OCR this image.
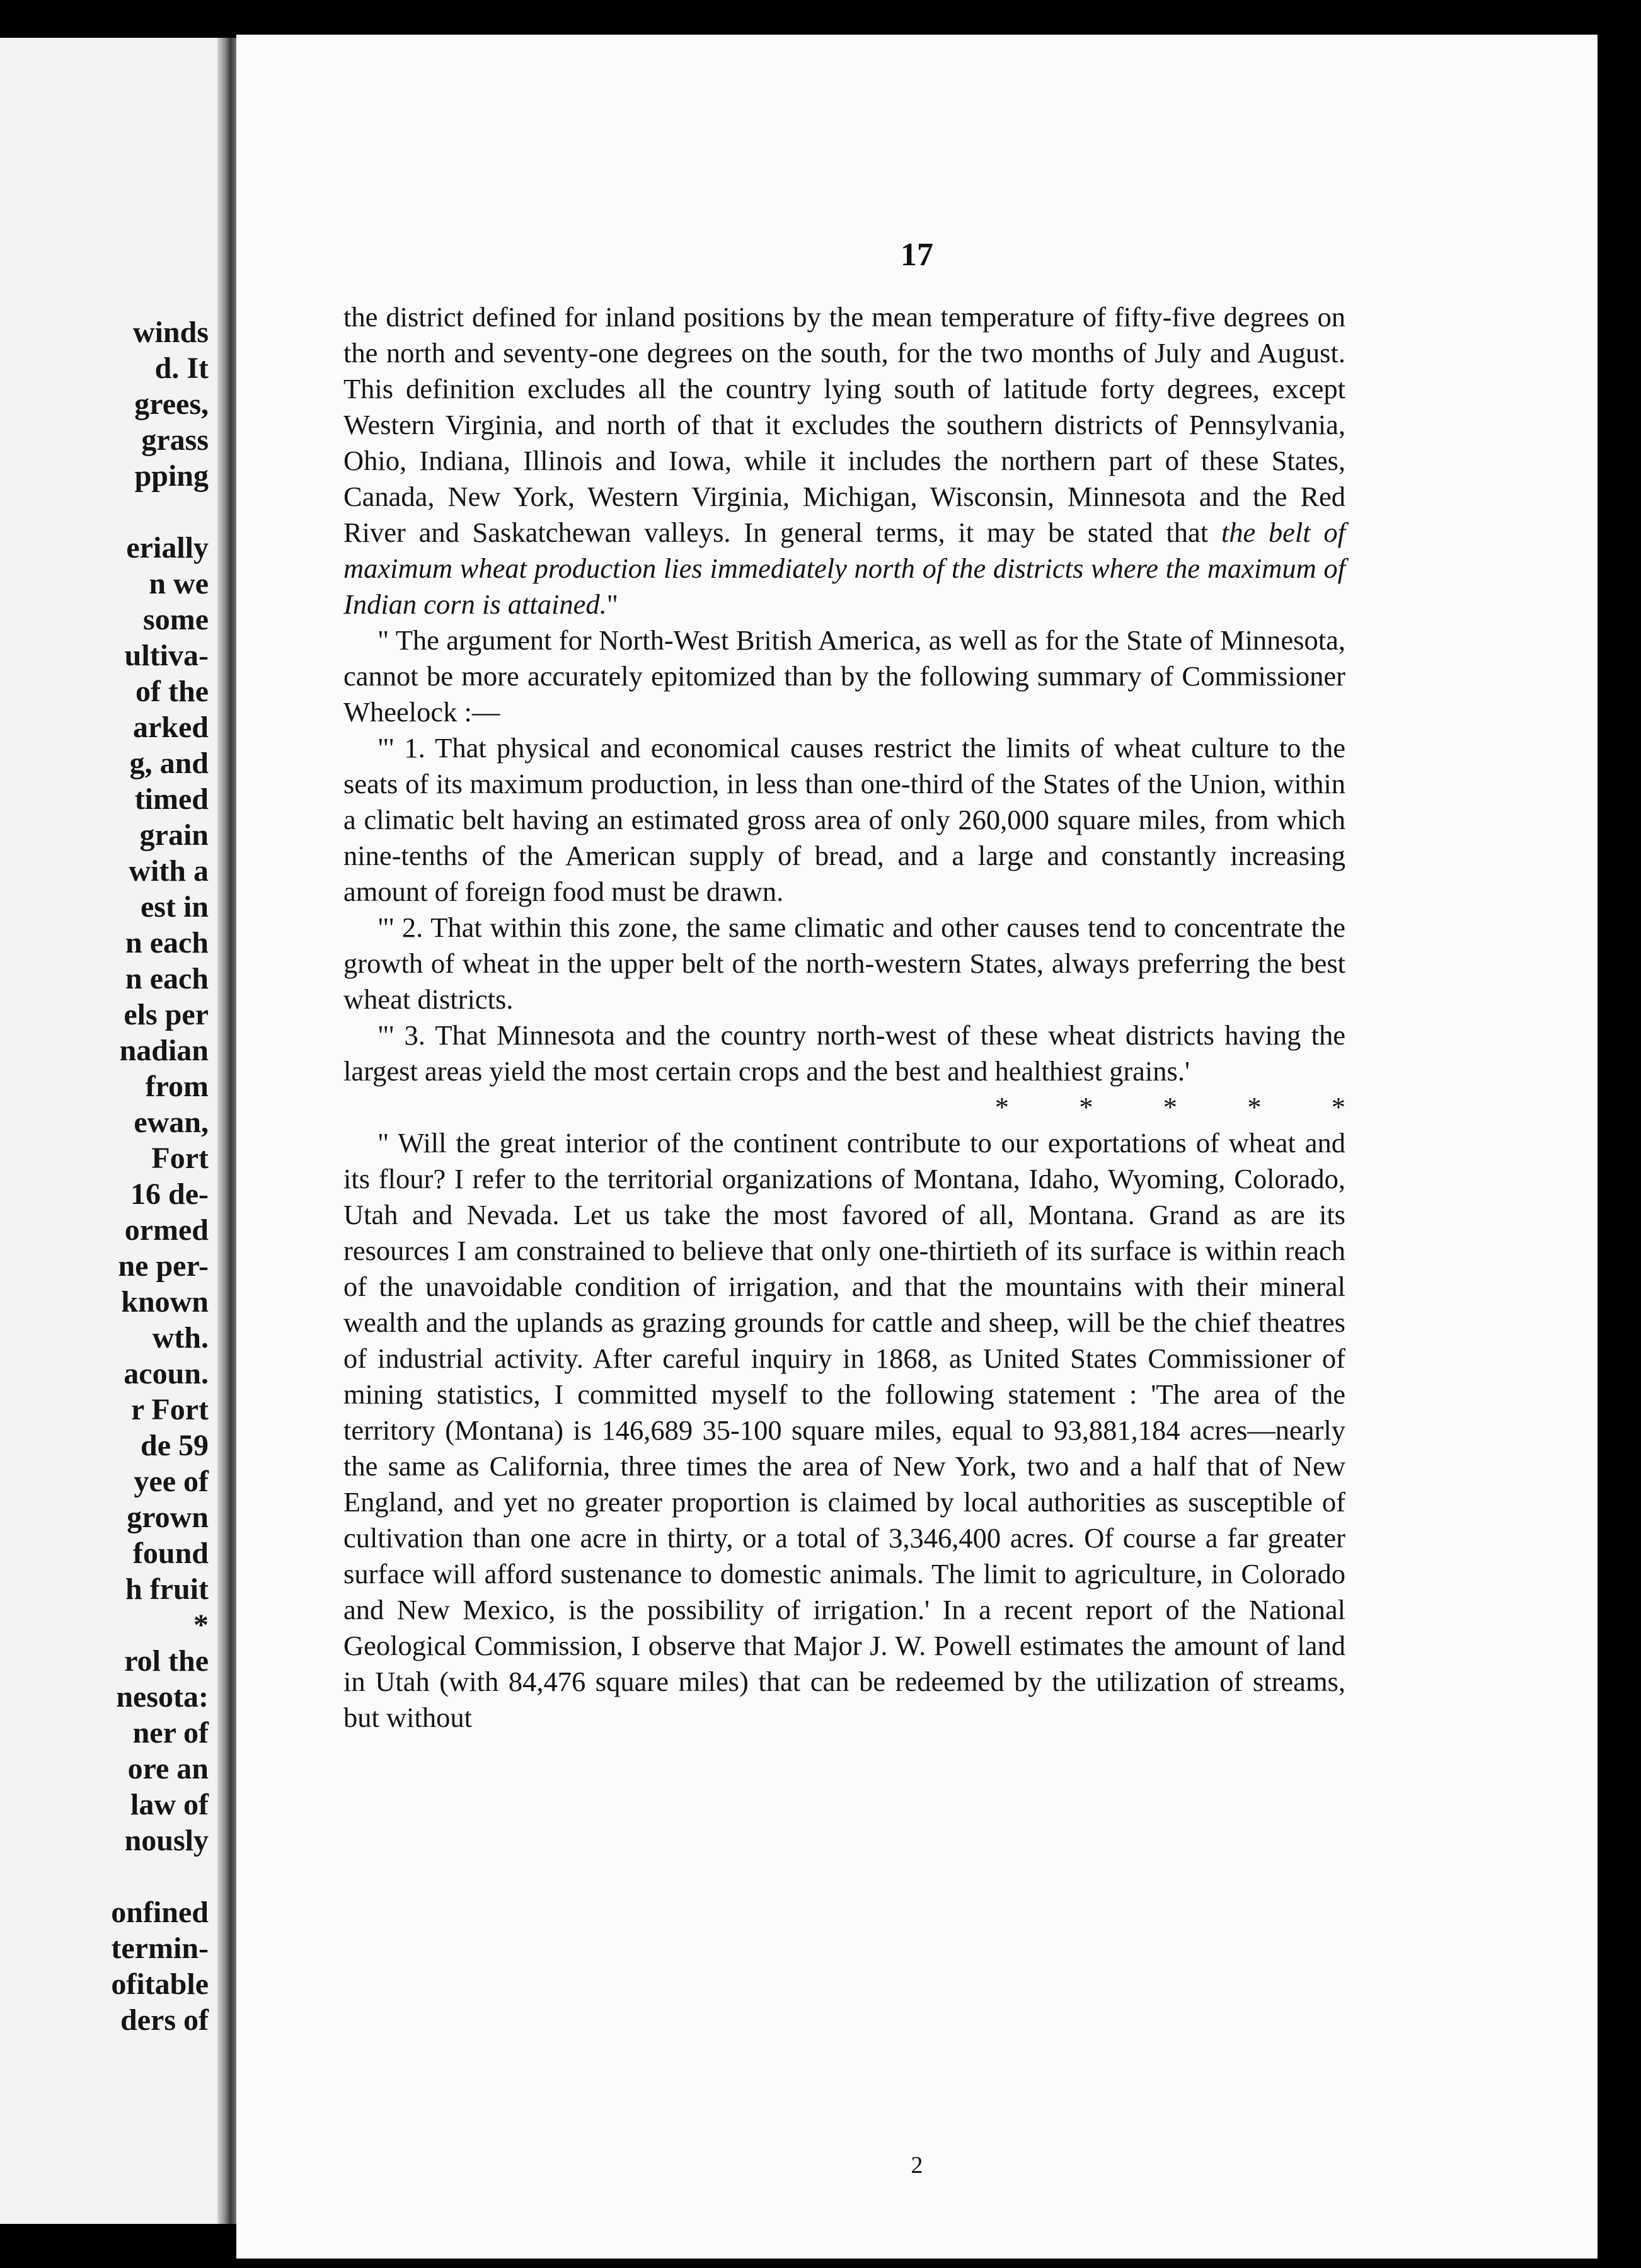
winds
d. It
grees,
grass
pping
erially
n we
some
ultiva-
of the
arked
g, and
timed
grain
with a
est in
n each
n each
els per
nadian
from
ewan,
Fort
16 de-
ormed
ne per-
known
wth.
acoun.
r Fort
de 59
yee of
grown
found
h fruit
*
rol the
nesota:
ner of
ore an
law of
nously
onfined
termin-
ofitable
ders of
17

the district defined for inland positions by the mean temperature of fifty-five degrees on the north and seventy-one degrees on the south, for the two months of July and August. This definition excludes all the country lying south of latitude forty degrees, except Western Virginia, and north of that it excludes the southern districts of Pennsylvania, Ohio, Indiana, Illinois and Iowa, while it includes the northern part of these States, Canada, New York, Western Virginia, Michigan, Wisconsin, Minnesota and the Red River and Saskatchewan valleys. In general terms, it may be stated that the belt of maximum wheat production lies immediately north of the districts where the maximum of Indian corn is attained."

" The argument for North-West British America, as well as for the State of Minnesota, cannot be more accurately epitomized than by the following summary of Commissioner Wheelock :—

"' 1. That physical and economical causes restrict the limits of wheat culture to the seats of its maximum production, in less than one-third of the States of the Union, within a climatic belt having an estimated gross area of only 260,000 square miles, from which nine-tenths of the American supply of bread, and a large and constantly increasing amount of foreign food must be drawn.

"' 2. That within this zone, the same climatic and other causes tend to concentrate the growth of wheat in the upper belt of the north-western States, always preferring the best wheat districts.

"' 3. That Minnesota and the country north-west of these wheat districts having the largest areas yield the most certain crops and the best and healthiest grains.'
*          *          *          *          *

" Will the great interior of the continent contribute to our exportations of wheat and its flour? I refer to the territorial organizations of Montana, Idaho, Wyoming, Colorado, Utah and Nevada. Let us take the most favored of all, Montana. Grand as are its resources I am constrained to believe that only one-thirtieth of its surface is within reach of the unavoidable condition of irrigation, and that the mountains with their mineral wealth and the uplands as grazing grounds for cattle and sheep, will be the chief theatres of industrial activity. After careful inquiry in 1868, as United States Commissioner of mining statistics, I committed myself to the following statement : 'The area of the territory (Montana) is 146,689 35-100 square miles, equal to 93,881,184 acres—nearly the same as California, three times the area of New York, two and a half that of New England, and yet no greater proportion is claimed by local authorities as susceptible of cultivation than one acre in thirty, or a total of 3,346,400 acres. Of course a far greater surface will afford sustenance to domestic animals. The limit to agriculture, in Colorado and New Mexico, is the possibility of irrigation.' In a recent report of the National Geological Commission, I observe that Major J. W. Powell estimates the amount of land in Utah (with 84,476 square miles) that can be redeemed by the utilization of streams, but without

2
